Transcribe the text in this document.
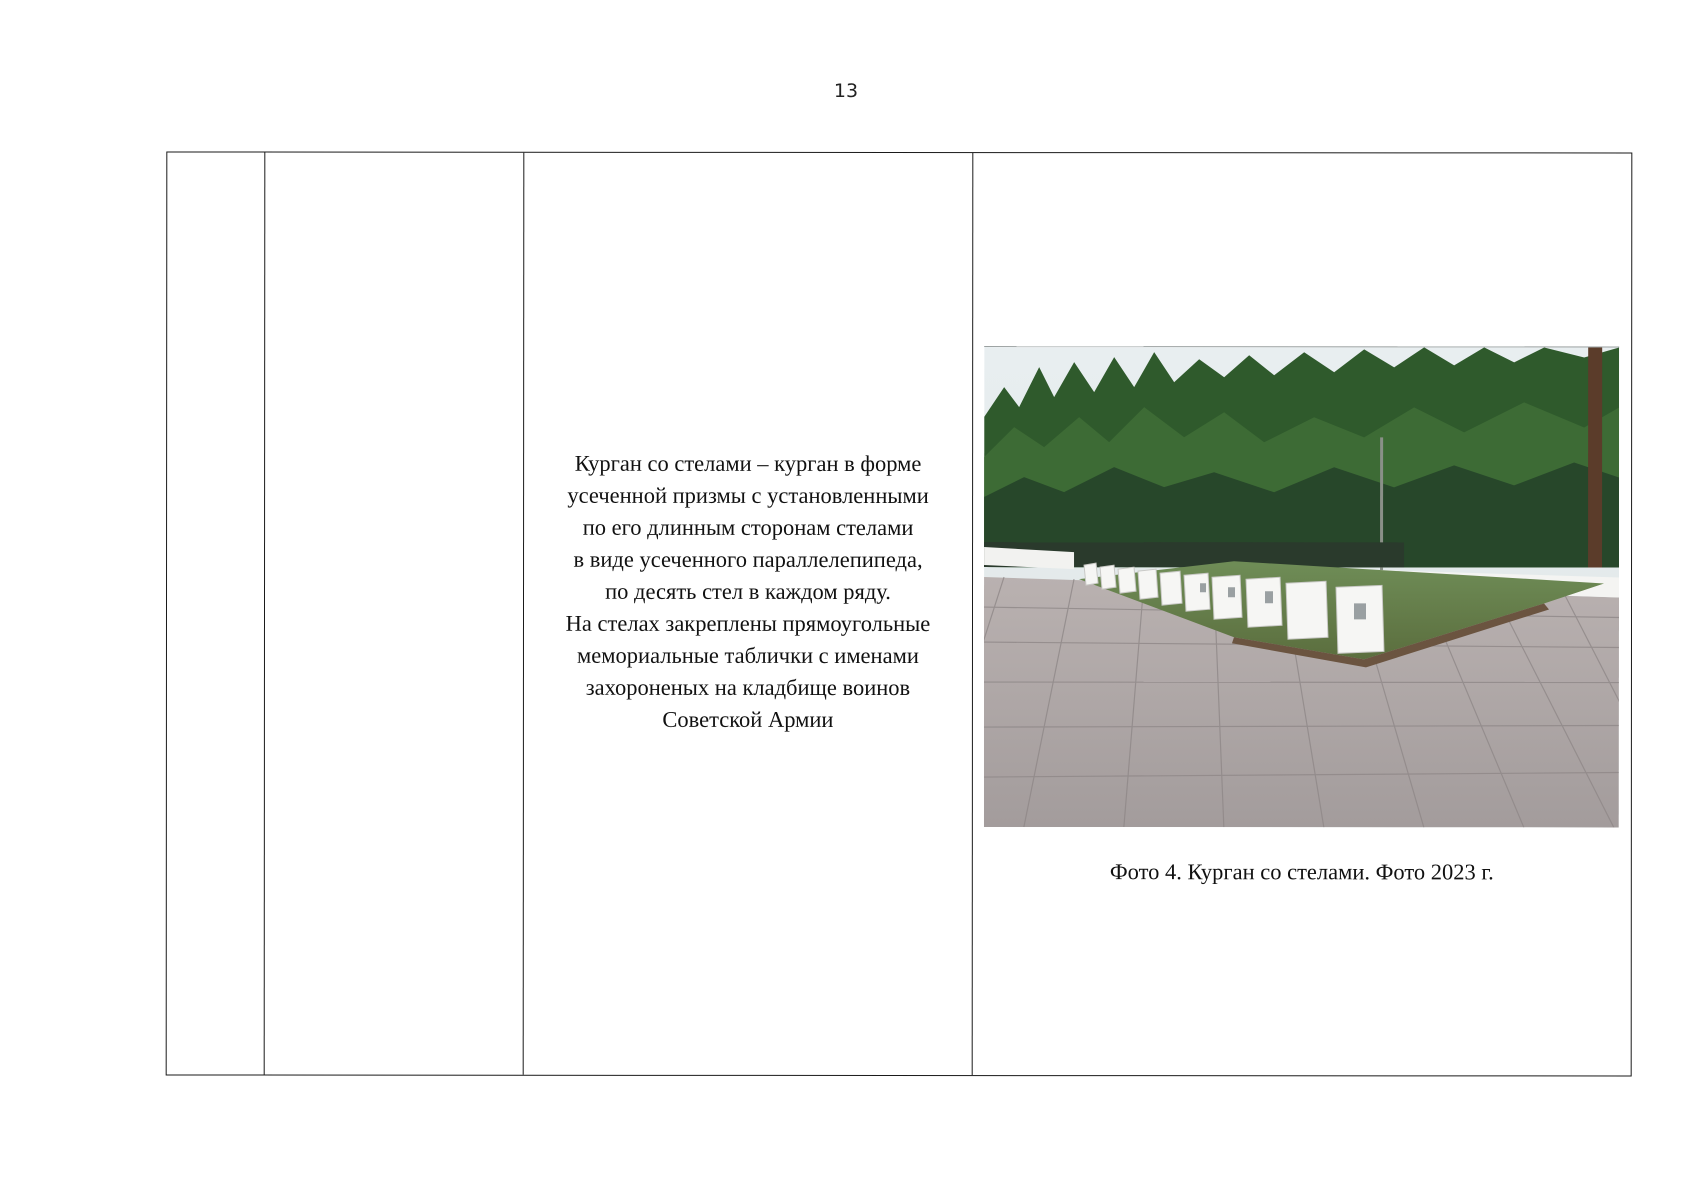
13
Курган со стелами – курган в форме
усеченной призмы с установленными
по его длинным сторонам стелами
в виде усеченного параллелепипеда,
по десять стел в каждом ряду.
На стелах закреплены прямоугольные
мемориальные таблички с именами
захороненых на кладбище воинов
Советской Армии
Фото 4. Курган со стелами. Фото 2023 г.
